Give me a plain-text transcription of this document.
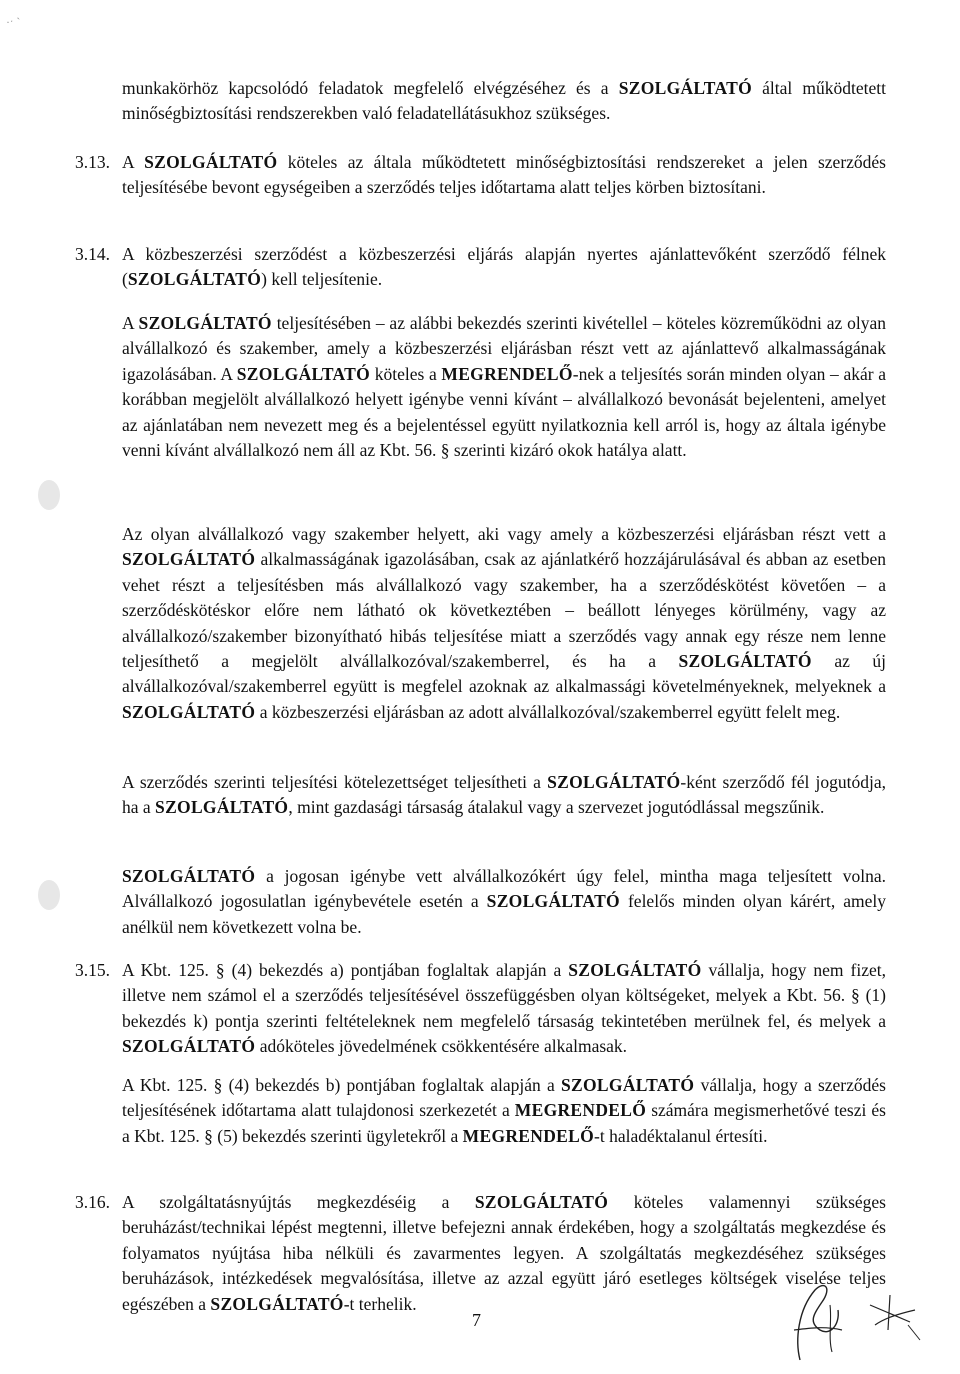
·ˑ ˋ
munkakörhöz kapcsolódó feladatok megfelelő elvégzéséhez és a SZOLGÁLTATÓ által működtetett minőségbiztosítási rendszerekben való feladatellátásukhoz szükséges.
3.13. A SZOLGÁLTATÓ köteles az általa működtetett minőségbiztosítási rendszereket a jelen szerződés teljesítésébe bevont egységeiben a szerződés teljes időtartama alatt teljes körben biztosítani.
3.14. A közbeszerzési szerződést a közbeszerzési eljárás alapján nyertes ajánlattevőként szerződő félnek (SZOLGÁLTATÓ) kell teljesítenie.
A SZOLGÁLTATÓ teljesítésében – az alábbi bekezdés szerinti kivétellel – köteles közreműködni az olyan alvállalkozó és szakember, amely a közbeszerzési eljárásban részt vett az ajánlattevő alkalmasságának igazolásában. A SZOLGÁLTATÓ köteles a MEGRENDELŐ-nek a teljesítés során minden olyan – akár a korábban megjelölt alvállalkozó helyett igénybe venni kívánt – alvállalkozó bevonását bejelenteni, amelyet az ajánlatában nem nevezett meg és a bejelentéssel együtt nyilatkoznia kell arról is, hogy az általa igénybe venni kívánt alvállalkozó nem áll az Kbt. 56. § szerinti kizáró okok hatálya alatt.
Az olyan alvállalkozó vagy szakember helyett, aki vagy amely a közbeszerzési eljárásban részt vett a SZOLGÁLTATÓ alkalmasságának igazolásában, csak az ajánlatkérő hozzájárulásával és abban az esetben vehet részt a teljesítésben más alvállalkozó vagy szakember, ha a szerződéskötést követően – a szerződéskötéskor előre nem látható ok következtében – beállott lényeges körülmény, vagy az alvállalkozó/szakember bizonyítható hibás teljesítése miatt a szerződés vagy annak egy része nem lenne teljesíthető a megjelölt alvállalkozóval/szakemberrel, és ha a SZOLGÁLTATÓ az új alvállalkozóval/szakemberrel együtt is megfelel azoknak az alkalmassági követelményeknek, melyeknek a SZOLGÁLTATÓ a közbeszerzési eljárásban az adott alvállalkozóval/szakemberrel együtt felelt meg.
A szerződés szerinti teljesítési kötelezettséget teljesítheti a SZOLGÁLTATÓ-ként szerződő fél jogutódja, ha a SZOLGÁLTATÓ, mint gazdasági társaság átalakul vagy a szervezet jogutódlással megszűnik.
SZOLGÁLTATÓ a jogosan igénybe vett alvállalkozókért úgy felel, mintha maga teljesített volna. Alvállalkozó jogosulatlan igénybevétele esetén a SZOLGÁLTATÓ felelős minden olyan kárért, amely anélkül nem következett volna be.
3.15. A Kbt. 125. § (4) bekezdés a) pontjában foglaltak alapján a SZOLGÁLTATÓ vállalja, hogy nem fizet, illetve nem számol el a szerződés teljesítésével összefüggésben olyan költségeket, melyek a Kbt. 56. § (1) bekezdés k) pontja szerinti feltételeknek nem megfelelő társaság tekintetében merülnek fel, és melyek a SZOLGÁLTATÓ adóköteles jövedelmének csökkentésére alkalmasak.
A Kbt. 125. § (4) bekezdés b) pontjában foglaltak alapján a SZOLGÁLTATÓ vállalja, hogy a szerződés teljesítésének időtartama alatt tulajdonosi szerkezetét a MEGRENDELŐ számára megismerhetővé teszi és a Kbt. 125. § (5) bekezdés szerinti ügyletekről a MEGRENDELŐ-t haladéktalanul értesíti.
3.16. A szolgáltatásnyújtás megkezdéséig a SZOLGÁLTATÓ köteles valamennyi szükséges beruházást/technikai lépést megtenni, illetve befejezni annak érdekében, hogy a szolgáltatás megkezdése és folyamatos nyújtása hiba nélküli és zavarmentes legyen. A szolgáltatás megkezdéséhez szükséges beruházások, intézkedések megvalósítása, illetve az azzal együtt járó esetleges költségek viselése teljes egészében a SZOLGÁLTATÓ-t terhelik.
7
